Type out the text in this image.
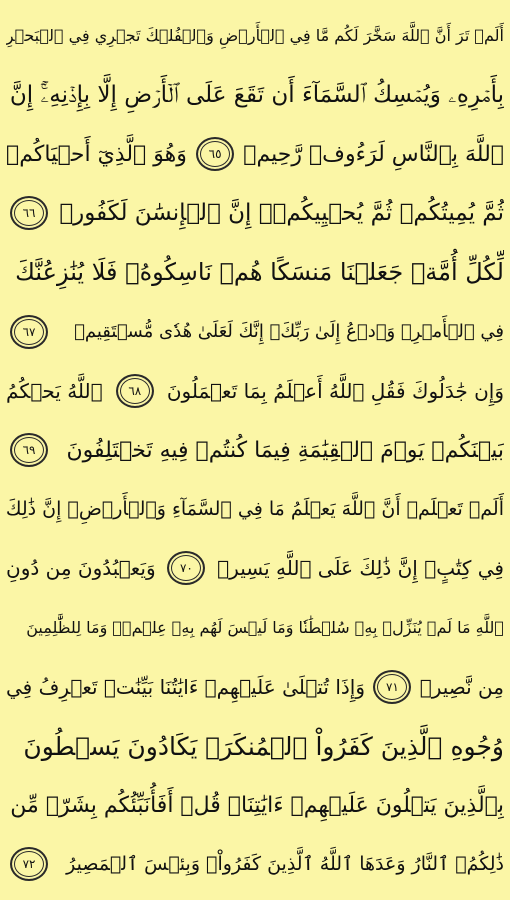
أَلَمۡ تَرَ أَنَّ ٱللَّهَ سَخَّرَ لَكُم مَّا فِي ٱلۡأَرۡضِ وَٱلۡفُلۡكَ تَجۡرِي فِي ٱلۡبَحۡرِ
بِأَمۡرِهِۦ وَيُمۡسِكُ ٱلسَّمَآءَ أَن تَقَعَ عَلَى ٱلۡأَرۡضِ إِلَّا بِإِذۡنِهِۦٓۚ إِنَّ
ٱللَّهَ بِٱلنَّاسِ لَرَءُوفٞ رَّحِيمٞ
٦٥
وَهُوَ ٱلَّذِيٓ أَحۡيَاكُمۡ
ثُمَّ يُمِيتُكُمۡ ثُمَّ يُحۡيِيكُمۡۗ إِنَّ ٱلۡإِنسَٰنَ لَكَفُورٞ
٦٦
لِّكُلِّ أُمَّةٖ جَعَلۡنَا مَنسَكًا هُمۡ نَاسِكُوهُۖ فَلَا يُنَٰزِعُنَّكَ
فِي ٱلۡأَمۡرِۚ وَٱدۡعُ إِلَىٰ رَبِّكَۖ إِنَّكَ لَعَلَىٰ هُدٗى مُّسۡتَقِيمٖ
٦٧
وَإِن جَٰدَلُوكَ فَقُلِ ٱللَّهُ أَعۡلَمُ بِمَا تَعۡمَلُونَ
٦٨
ٱللَّهُ يَحۡكُمُ
بَيۡنَكُمۡ يَوۡمَ ٱلۡقِيَٰمَةِ فِيمَا كُنتُمۡ فِيهِ تَخۡتَلِفُونَ
٦٩
أَلَمۡ تَعۡلَمۡ أَنَّ ٱللَّهَ يَعۡلَمُ مَا فِي ٱلسَّمَآءِ وَٱلۡأَرۡضِۚ إِنَّ ذَٰلِكَ
فِي كِتَٰبٍۚ إِنَّ ذَٰلِكَ عَلَى ٱللَّهِ يَسِيرٞ
٧٠
وَيَعۡبُدُونَ مِن دُونِ
ٱللَّهِ مَا لَمۡ يُنَزِّلۡ بِهِۦ سُلۡطَٰنٗا وَمَا لَيۡسَ لَهُم بِهِۦ عِلۡمٞۗ وَمَا لِلظَّٰلِمِينَ
مِن نَّصِيرٖ
٧١
وَإِذَا تُتۡلَىٰ عَلَيۡهِمۡ ءَايَٰتُنَا بَيِّنَٰتٖ تَعۡرِفُ فِي
وُجُوهِ ٱلَّذِينَ كَفَرُواْ ٱلۡمُنكَرَۖ يَكَادُونَ يَسۡطُونَ
بِٱلَّذِينَ يَتۡلُونَ عَلَيۡهِمۡ ءَايَٰتِنَاۗ قُلۡ أَفَأُنَبِّئُكُم بِشَرّٖ مِّن
ذَٰلِكُمُۚ ٱلنَّارُ وَعَدَهَا ٱللَّهُ ٱلَّذِينَ كَفَرُواْۖ وَبِئۡسَ ٱلۡمَصِيرُ
٧٢
